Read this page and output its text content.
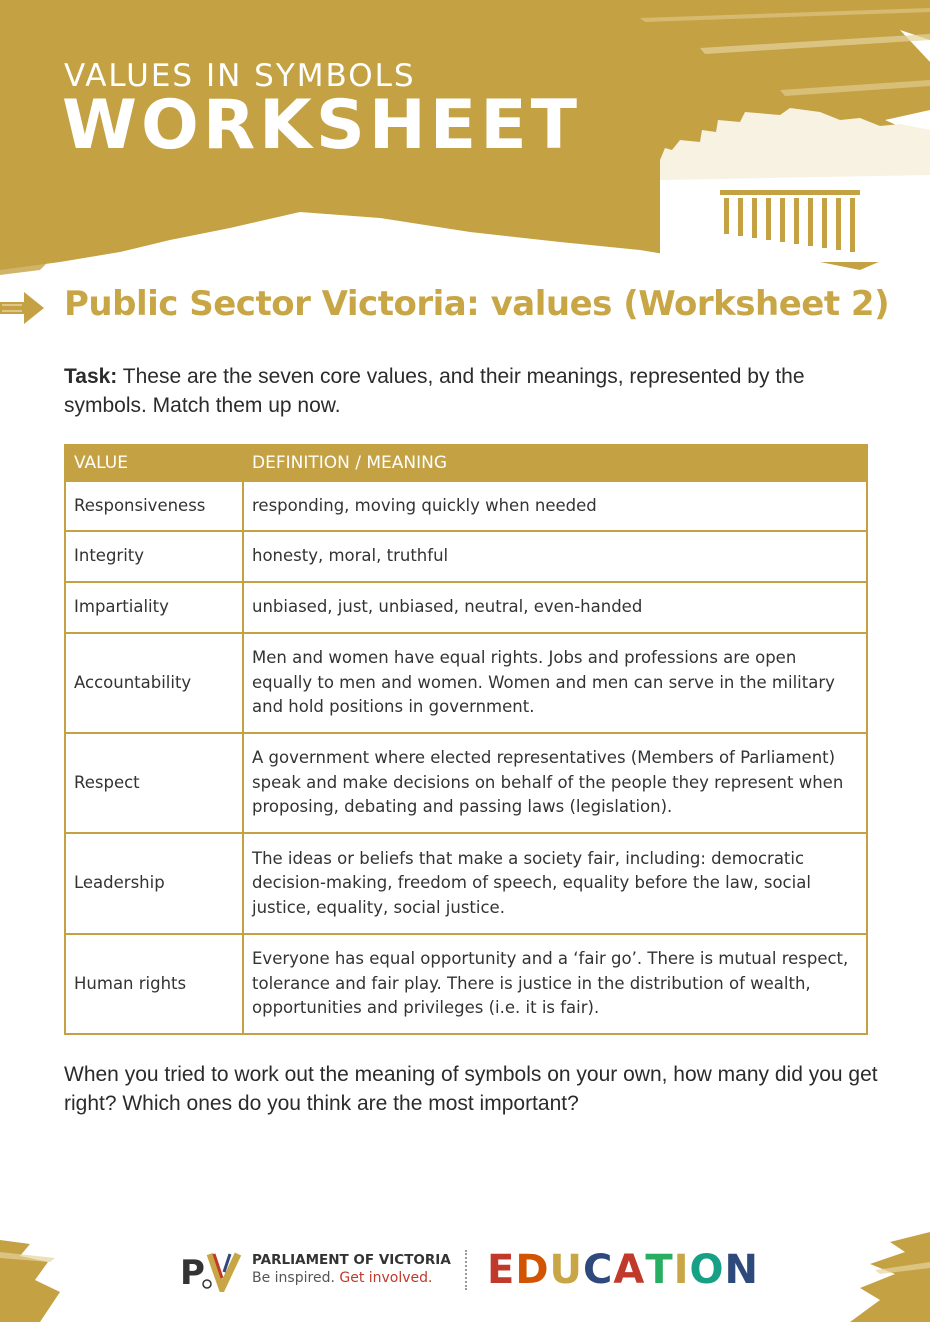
VALUES IN SYMBOLS
WORKSHEET
Public Sector Victoria: values (Worksheet 2)

Task: These are the seven core values, and their meanings, represented by the symbols. Match them up now.

VALUE	DEFINITION / MEANING
Responsiveness	responding, moving quickly when needed
Integrity	honesty, moral, truthful
Impartiality	unbiased, just, unbiased, neutral, even-handed
Accountability	Men and women have equal rights. Jobs and professions are open equally to men and women. Women and men can serve in the military and hold positions in government.
Respect	A government where elected representatives (Members of Parliament) speak and make decisions on behalf of the people they represent when proposing, debating and passing laws (legislation).
Leadership	The ideas or beliefs that make a society fair, including: democratic decision-making, freedom of speech, equality before the law, social justice, equality, social justice.
Human rights	Everyone has equal opportunity and a ‘fair go’. There is mutual respect, tolerance and fair play. There is justice in the distribution of wealth, opportunities and privileges (i.e. it is fair).

When you tried to work out the meaning of symbols on your own, how many did you get right? Which ones do you think are the most important?

P	PARLIAMENT OF VICTORIA
Be inspired. Get involved. EDUCATION
